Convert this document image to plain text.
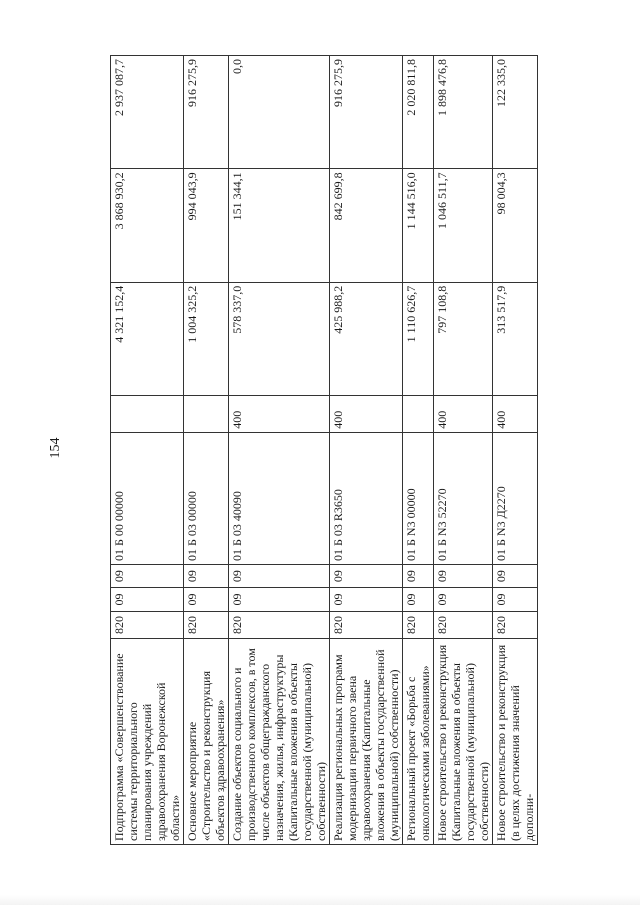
154
Подпрограмма «Совершенствование системы территориального планирования учреждений здравоохранения Воронежской области»	820	09	09	01 Б 00 00000		4 321 152,4	3 868 930,2	2 937 087,7
Основное мероприятие «Строительство и реконструкция объектов здравоохранения»	820	09	09	01 Б 03 00000		1 004 325,2	994 043,9	916 275,9
Создание объектов социального и производственного комплексов, в том числе объектов общегражданского назначения, жилья, инфраструктуры (Капитальные вложения в объекты государственной (муниципальной) собственности)	820	09	09	01 Б 03 40090	400	578 337,0	151 344,1	0,0
Реализация региональных программ модернизации первичного звена здравоохранения (Капитальные вложения в объекты государственной (муниципальной) собственности)	820	09	09	01 Б 03 R3650	400	425 988,2	842 699,8	916 275,9
Региональный проект «Борьба с онкологическими заболеваниями»	820	09	09	01 Б N3 00000		1 110 626,7	1 144 516,0	2 020 811,8
Новое строительство и реконструкция (Капитальные вложения в объекты государственной (муниципальной) собственности)	820	09	09	01 Б N3 52270	400	797 108,8	1 046 511,7	1 898 476,8
Новое строительство и реконструкция (в целях достижения значений дополни-	820	09	09	01 Б N3 Д2270	400	313 517,9	98 004,3	122 335,0
